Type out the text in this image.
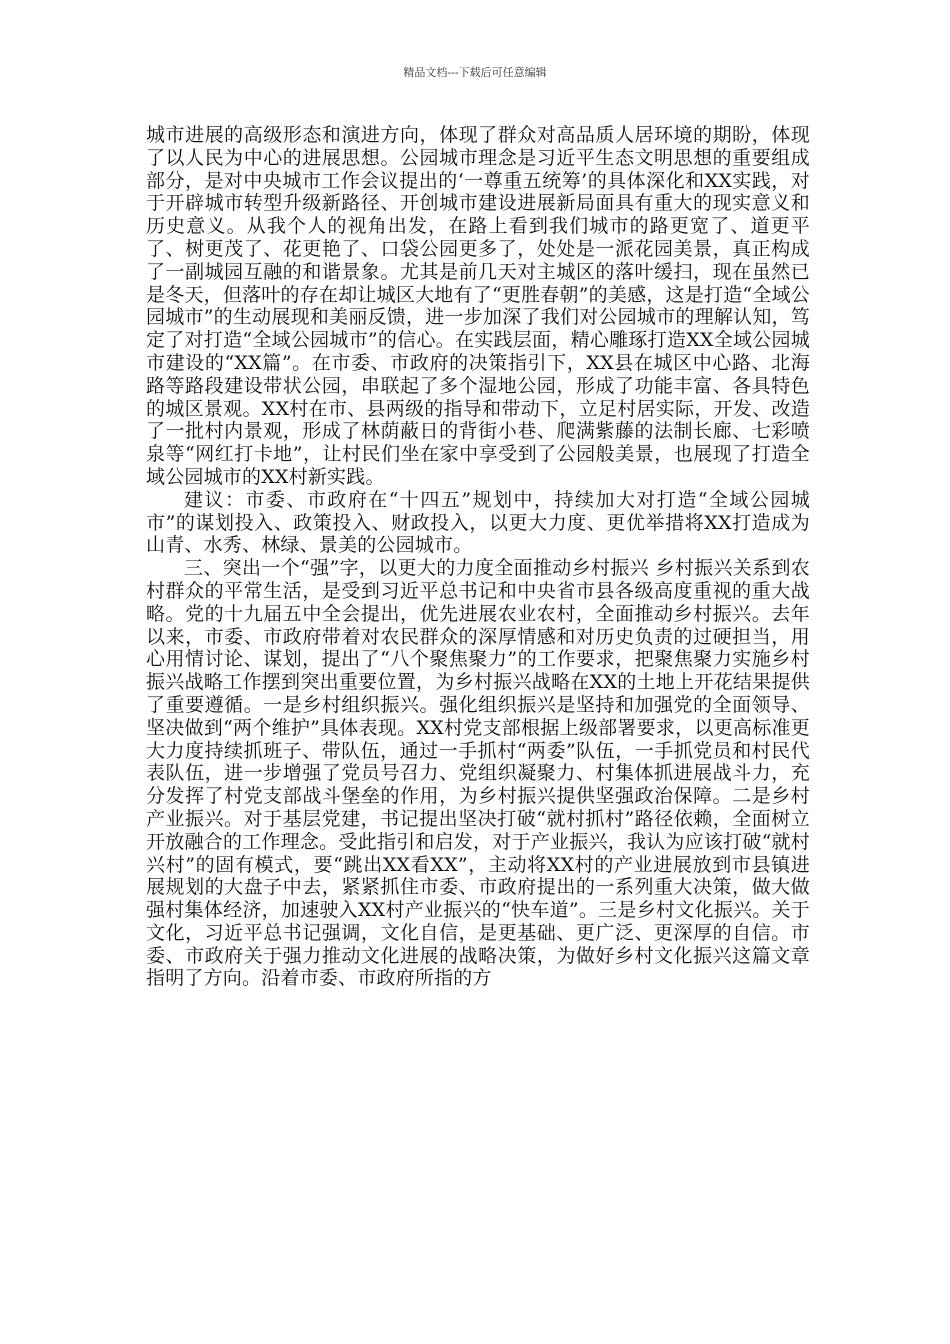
精品文档---下载后可任意编辑

城市进展的高级形态和演进方向，体现了群众对高品质人居环境的期盼，体现了以人民为中心的进展思想。公园城市理念是习近平生态文明思想的重要组成部分，是对中央城市工作会议提出的‘一尊重五统筹’的具体深化和XX实践，对于开辟城市转型升级新路径、开创城市建设进展新局面具有重大的现实意义和历史意义。从我个人的视角出发，在路上看到我们城市的路更宽了、道更平了、树更茂了、花更艳了、口袋公园更多了，处处是一派花园美景，真正构成了一副城园互融的和谐景象。尤其是前几天对主城区的落叶缓扫，现在虽然已是冬天，但落叶的存在却让城区大地有了“更胜春朝”的美感，这是打造“全域公园城市”的生动展现和美丽反馈，进一步加深了我们对公园城市的理解认知，笃定了对打造“全域公园城市”的信心。在实践层面，精心雕琢打造XX全域公园城市建设的“XX篇”。在市委、市政府的决策指引下，XX县在城区中心路、北海路等路段建设带状公园，串联起了多个湿地公园，形成了功能丰富、各具特色的城区景观。XX村在市、县两级的指导和带动下，立足村居实际，开发、改造了一批村内景观，形成了林荫蔽日的背街小巷、爬满紫藤的法制长廊、七彩喷泉等“网红打卡地”，让村民们坐在家中享受到了公园般美景，也展现了打造全域公园城市的XX村新实践。

建议：市委、市政府在“十四五”规划中，持续加大对打造“全域公园城市”的谋划投入、政策投入、财政投入，以更大力度、更优举措将XX打造成为山青、水秀、林绿、景美的公园城市。

三、突出一个“强”字，以更大的力度全面推动乡村振兴 乡村振兴关系到农村群众的平常生活，是受到习近平总书记和中央省市县各级高度重视的重大战略。党的十九届五中全会提出，优先进展农业农村，全面推动乡村振兴。去年以来，市委、市政府带着对农民群众的深厚情感和对历史负责的过硬担当，用心用情讨论、谋划，提出了“八个聚焦聚力”的工作要求，把聚焦聚力实施乡村振兴战略工作摆到突出重要位置，为乡村振兴战略在XX的土地上开花结果提供了重要遵循。一是乡村组织振兴。强化组织振兴是坚持和加强党的全面领导、坚决做到“两个维护”具体表现。XX村党支部根据上级部署要求，以更高标准更大力度持续抓班子、带队伍，通过一手抓村“两委”队伍，一手抓党员和村民代表队伍，进一步增强了党员号召力、党组织凝聚力、村集体抓进展战斗力，充分发挥了村党支部战斗堡垒的作用，为乡村振兴提供坚强政治保障。二是乡村产业振兴。对于基层党建，书记提出坚决打破“就村抓村”路径依赖，全面树立开放融合的工作理念。受此指引和启发，对于产业振兴，我认为应该打破“就村兴村”的固有模式，要“跳出XX看XX”，主动将XX村的产业进展放到市县镇进展规划的大盘子中去，紧紧抓住市委、市政府提出的一系列重大决策，做大做强村集体经济，加速驶入XX村产业振兴的“快车道”。三是乡村文化振兴。关于文化，习近平总书记强调，文化自信，是更基础、更广泛、更深厚的自信。市委、市政府关于强力推动文化进展的战略决策，为做好乡村文化振兴这篇文章指明了方向。沿着市委、市政府所指的方
